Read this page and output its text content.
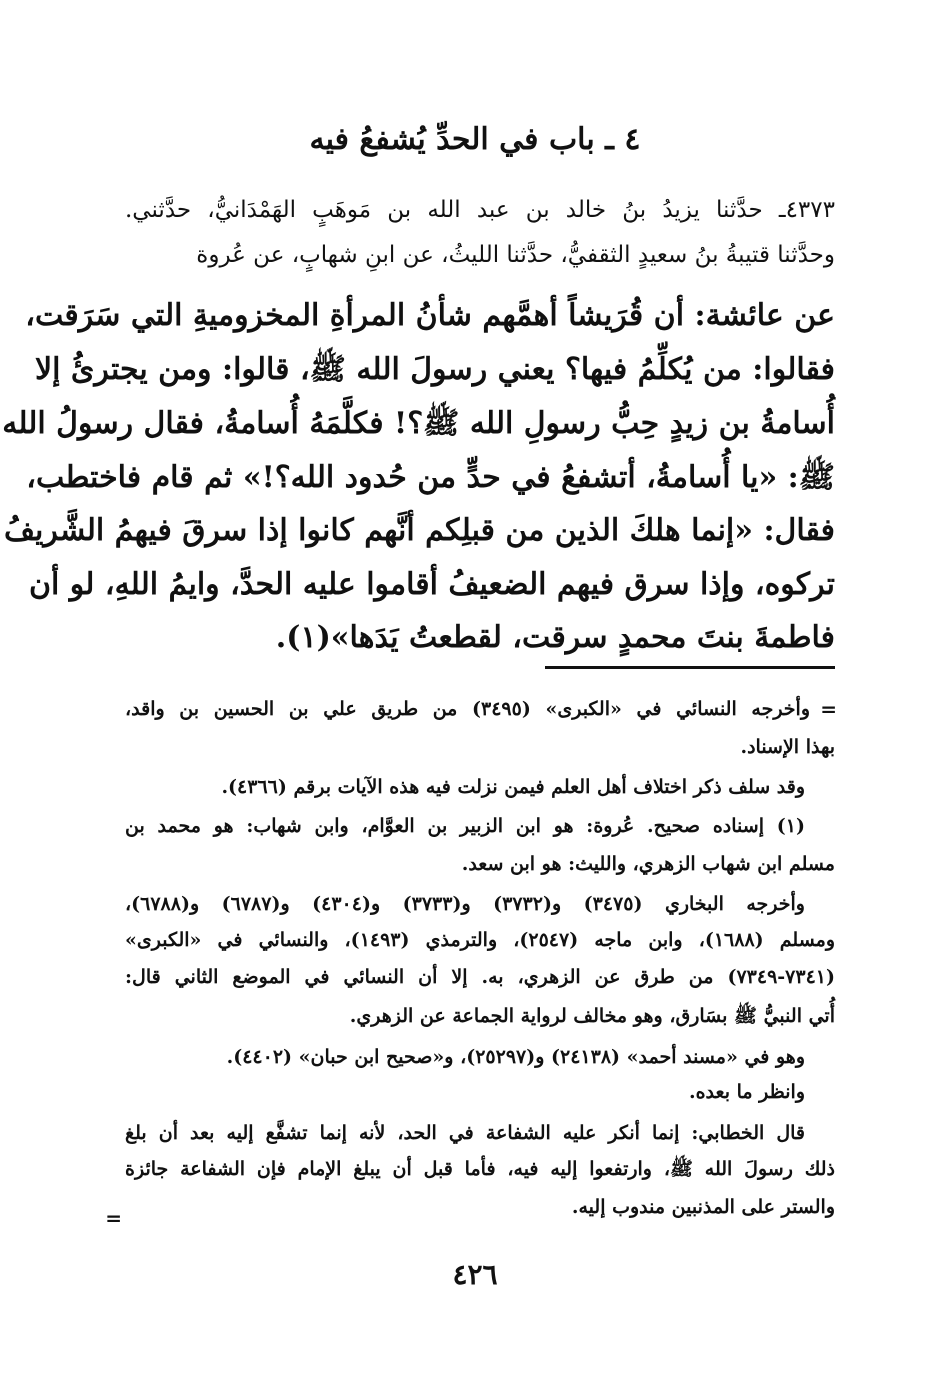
٤ ـ باب في الحدِّ يُشفعُ فيه
٤٣٧٣ـ حدَّثنا يزيدُ بنُ خالد بن عبد الله بن مَوهَبٍ الهَمْدَانيُّ، حدَّثني.
وحدَّثنا قتيبةُ بنُ سعيدٍ الثقفيُّ، حدَّثنا الليثُ، عن ابنِ شهابٍ، عن عُروة
عن عائشة: أن قُرَيشاً أهمَّهم شأنُ المرأةِ المخزوميةِ التي سَرَقت،
فقالوا: من يُكلِّمُ فيها؟ يعني رسولَ الله ﷺ، قالوا: ومن يجترئُ إلا
أُسامةُ بن زيدٍ حِبُّ رسولِ الله ﷺ؟! فكلَّمَهُ أُسامةُ، فقال رسولُ الله
ﷺ: «يا أُسامةُ، أتشفعُ في حدٍّ من حُدود الله؟!» ثم قام فاختطب،
فقال: «إنما هلكَ الذين من قبلِكم أنَّهم كانوا إذا سرقَ فيهمُ الشَّريفُ
تركوه، وإذا سرق فيهم الضعيفُ أقاموا عليه الحدَّ، وايمُ اللهِ، لو أن
فاطمةَ بنتَ محمدٍ سرقت، لقطعتُ يَدَها»(١).
=
وأخرجه النسائي في «الكبرى» (٣٤٩٥) من طريق علي بن الحسين بن واقد،
بهذا الإسناد.
وقد سلف ذكر اختلاف أهل العلم فيمن نزلت فيه هذه الآيات برقم (٤٣٦٦).
(١) إسناده صحيح. عُروة: هو ابن الزبير بن العوَّام، وابن شهاب: هو محمد بن
مسلم ابن شهاب الزهري، والليث: هو ابن سعد.
وأخرجه البخاري (٣٤٧٥) و(٣٧٣٢) و(٣٧٣٣) و(٤٣٠٤) و(٦٧٨٧) و(٦٧٨٨)،
ومسلم (١٦٨٨)، وابن ماجه (٢٥٤٧)، والترمذي (١٤٩٣)، والنسائي في «الكبرى»
(٧٣٤١-٧٣٤٩) من طرق عن الزهري، به. إلا أن النسائي في الموضع الثاني قال:
أُتي النبيُّ ﷺ بسَارق، وهو مخالف لرواية الجماعة عن الزهري.
وهو في «مسند أحمد» (٢٤١٣٨) و(٢٥٢٩٧)، و«صحيح ابن حبان» (٤٤٠٢).
وانظر ما بعده.
قال الخطابي: إنما أنكر عليه الشفاعة في الحد، لأنه إنما تشفَّع إليه بعد أن بلغ
ذلك رسولَ الله ﷺ، وارتفعوا إليه فيه، فأما قبل أن يبلغ الإمام فإن الشفاعة جائزة
والستر على المذنبين مندوب إليه.
=
٤٢٦
